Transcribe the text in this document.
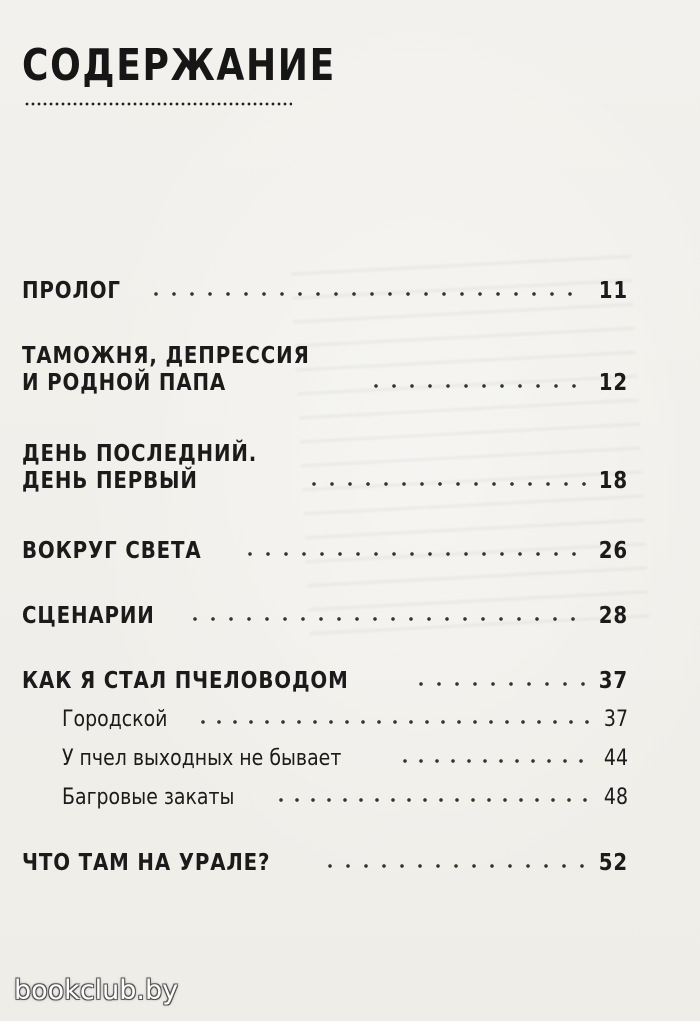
СОДЕРЖАНИЕ
ПРОЛОГ	11
ТАМОЖНЯ, ДЕПРЕССИЯ
И РОДНОЙ ПАПА	12
ДЕНЬ ПОСЛЕДНИЙ.
ДЕНЬ ПЕРВЫЙ	18
ВОКРУГ СВЕТА	26
СЦЕНАРИИ	28
КАК Я СТАЛ ПЧЕЛОВОДОМ	37
Городской	37
У пчел выходных не бывает	44
Багровые закаты	48
ЧТО ТАМ НА УРАЛЕ?	52
bookclub.by
